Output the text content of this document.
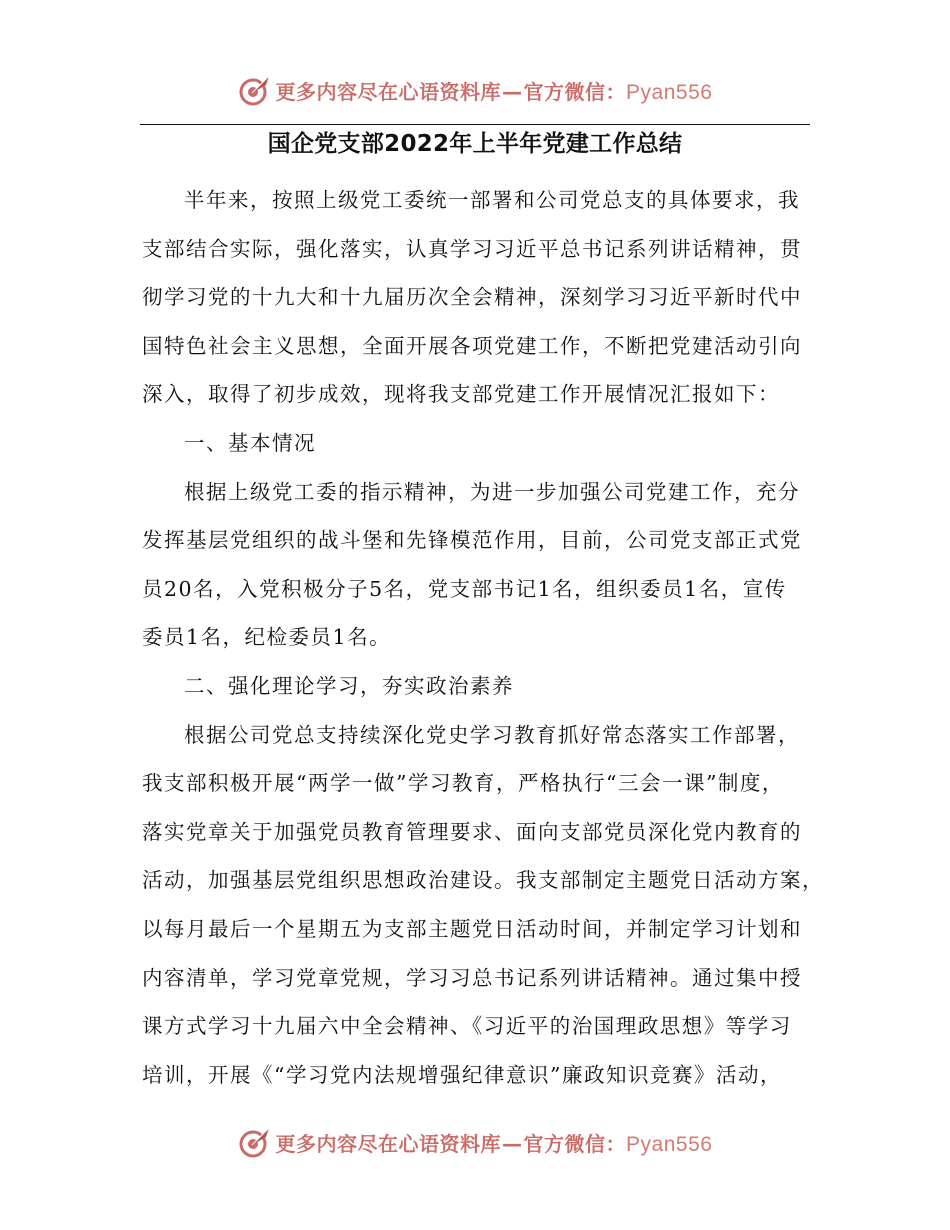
更多内容尽在心语资料库—官方微信：Pyan556
国企党支部2022年上半年党建工作总结
半年来，按照上级党工委统一部署和公司党总支的具体要求，我
支部结合实际，强化落实，认真学习习近平总书记系列讲话精神，贯
彻学习党的十九大和十九届历次全会精神，深刻学习习近平新时代中
国特色社会主义思想，全面开展各项党建工作，不断把党建活动引向
深入，取得了初步成效，现将我支部党建工作开展情况汇报如下：
一、基本情况
根据上级党工委的指示精神，为进一步加强公司党建工作，充分
发挥基层党组织的战斗堡和先锋模范作用，目前，公司党支部正式党
员20名，入党积极分子5名，党支部书记1名，组织委员1名，宣传
委员1名，纪检委员1名。
二、强化理论学习，夯实政治素养
根据公司党总支持续深化党史学习教育抓好常态落实工作部署，
我支部积极开展“两学一做”学习教育，严格执行“三会一课”制度，
落实党章关于加强党员教育管理要求、面向支部党员深化党内教育的
活动，加强基层党组织思想政治建设。我支部制定主题党日活动方案，
以每月最后一个星期五为支部主题党日活动时间，并制定学习计划和
内容清单，学习党章党规，学习习总书记系列讲话精神。通过集中授
课方式学习十九届六中全会精神、《习近平的治国理政思想》等学习
培训，开展《“学习党内法规增强纪律意识”廉政知识竞赛》活动，
更多内容尽在心语资料库—官方微信：Pyan556
